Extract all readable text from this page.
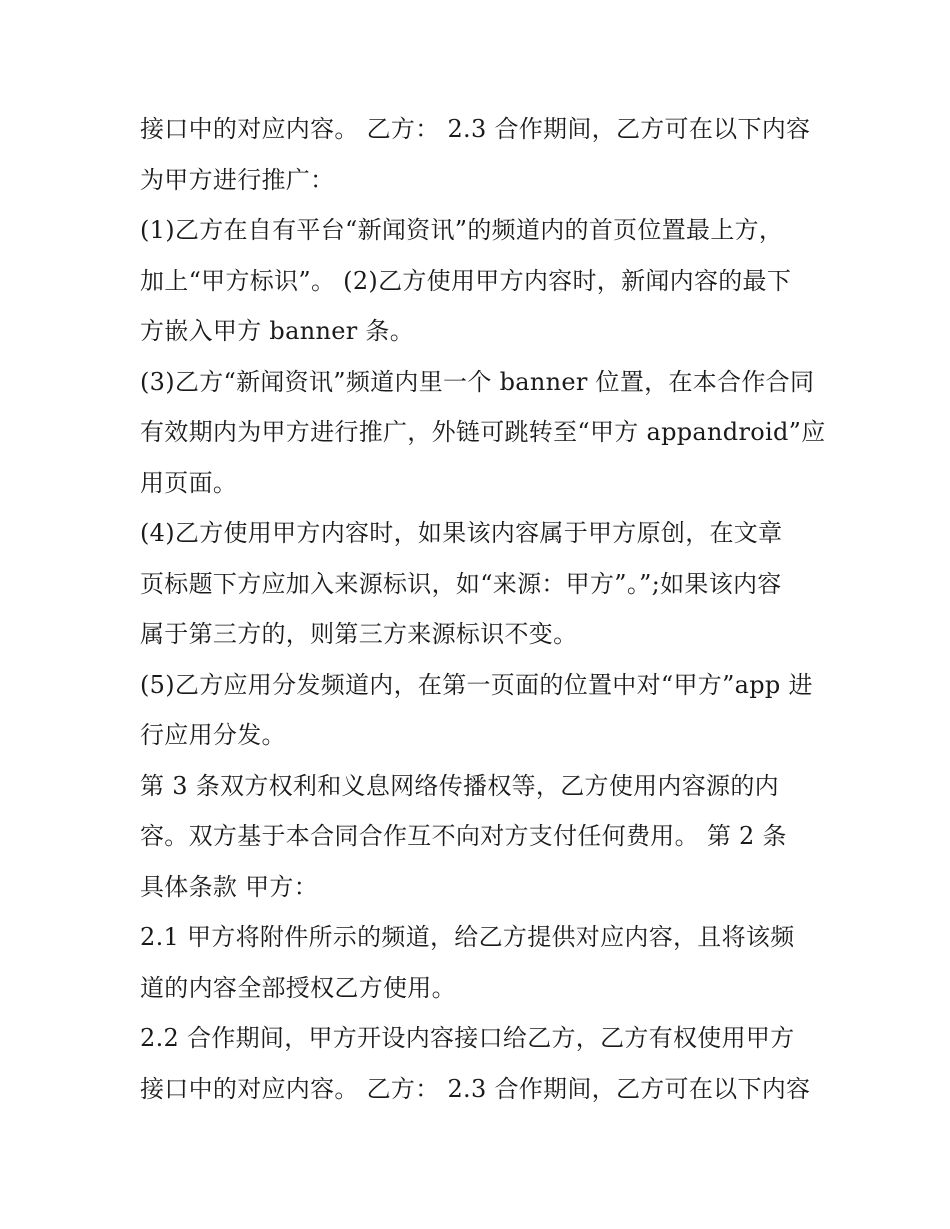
接口中的对应内容。 乙方： 2.3 合作期间，乙方可在以下内容
为甲方进行推广：
(1)乙方在自有平台“新闻资讯”的频道内的首页位置最上方，
加上“甲方标识”。 (2)乙方使用甲方内容时，新闻内容的最下
方嵌入甲方 banner 条。
(3)乙方“新闻资讯”频道内里一个 banner 位置，在本合作合同
有效期内为甲方进行推广，外链可跳转至“甲方 appandroid”应
用页面。
(4)乙方使用甲方内容时，如果该内容属于甲方原创，在文章
页标题下方应加入来源标识，如“来源：甲方”。”;如果该内容
属于第三方的，则第三方来源标识不变。
(5)乙方应用分发频道内，在第一页面的位置中对“甲方”app 进
行应用分发。
第 3 条双方权利和义息网络传播权等，乙方使用内容源的内
容。双方基于本合同合作互不向对方支付任何费用。 第 2 条
具体条款 甲方：
2.1 甲方将附件所示的频道，给乙方提供对应内容，且将该频
道的内容全部授权乙方使用。
2.2 合作期间，甲方开设内容接口给乙方，乙方有权使用甲方
接口中的对应内容。 乙方： 2.3 合作期间，乙方可在以下内容
